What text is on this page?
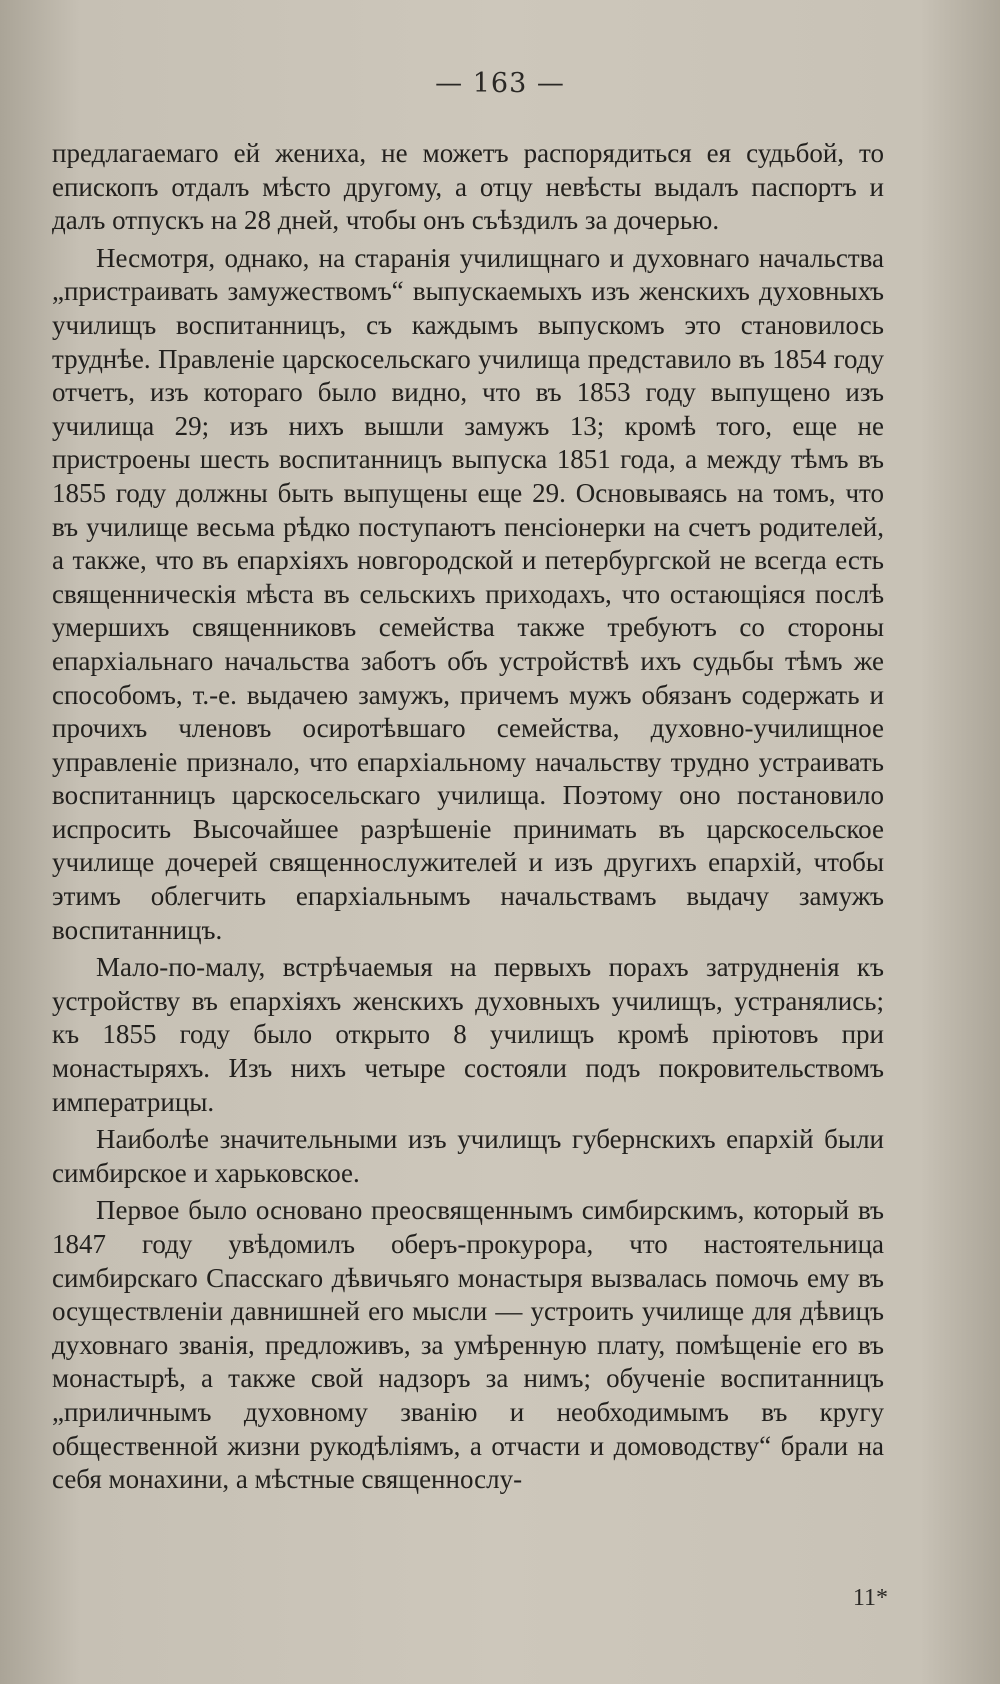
— 163 —

предлагаемаго ей жениха, не можетъ распорядиться ея судьбой, то епископъ отдалъ мѣсто другому, а отцу невѣсты выдалъ паспортъ и далъ отпускъ на 28 дней, чтобы онъ съѣздилъ за дочерью.

Несмотря, однако, на старанія училищнаго и духовнаго начальства „пристраивать замужествомъ“ выпускаемыхъ изъ женскихъ духовныхъ училищъ воспитанницъ, съ каждымъ выпускомъ это становилось труднѣе. Правленіе царскосельскаго училища представило въ 1854 году отчетъ, изъ котораго было видно, что въ 1853 году выпущено изъ училища 29; изъ нихъ вышли замужъ 13; кромѣ того, еще не пристроены шесть воспитанницъ выпуска 1851 года, а между тѣмъ въ 1855 году должны быть выпущены еще 29. Основываясь на томъ, что въ училище весьма рѣдко поступаютъ пенсіонерки на счетъ родителей, а также, что въ епархіяхъ новгородской и петербургской не всегда есть священническія мѣста въ сельскихъ приходахъ, что остающіяся послѣ умершихъ священниковъ семейства также требуютъ со стороны епархіальнаго начальства заботъ объ устройствѣ ихъ судьбы тѣмъ же способомъ, т.-е. выдачею замужъ, причемъ мужъ обязанъ содержать и прочихъ членовъ осиротѣвшаго семейства, духовно-училищное управленіе признало, что епархіальному начальству трудно устраивать воспитанницъ царскосельскаго училища. Поэтому оно постановило испросить Высочайшее разрѣшеніе принимать въ царскосельское училище дочерей священнослужителей и изъ другихъ епархій, чтобы этимъ облегчить епархіальнымъ начальствамъ выдачу замужъ воспитанницъ.

Мало-по-малу, встрѣчаемыя на первыхъ порахъ затрудненія къ устройству въ епархіяхъ женскихъ духовныхъ училищъ, устранялись; къ 1855 году было открыто 8 училищъ кромѣ пріютовъ при монастыряхъ. Изъ нихъ четыре состояли подъ покровительствомъ императрицы.

Наиболѣе значительными изъ училищъ губернскихъ епархій были симбирское и харьковское.

Первое было основано преосвященнымъ симбирскимъ, который въ 1847 году увѣдомилъ оберъ-прокурора, что настоятельница симбирскаго Спасскаго дѣвичьяго монастыря вызвалась помочь ему въ осуществленіи давнишней его мысли — устроить училище для дѣвицъ духовнаго званія, предложивъ, за умѣренную плату, помѣщеніе его въ монастырѣ, а также свой надзоръ за нимъ; обученіе воспитанницъ „приличнымъ духовному званію и необходимымъ въ кругу общественной жизни рукодѣліямъ, а отчасти и домоводству“ брали на себя монахини, а мѣстные священнослу-

11*
